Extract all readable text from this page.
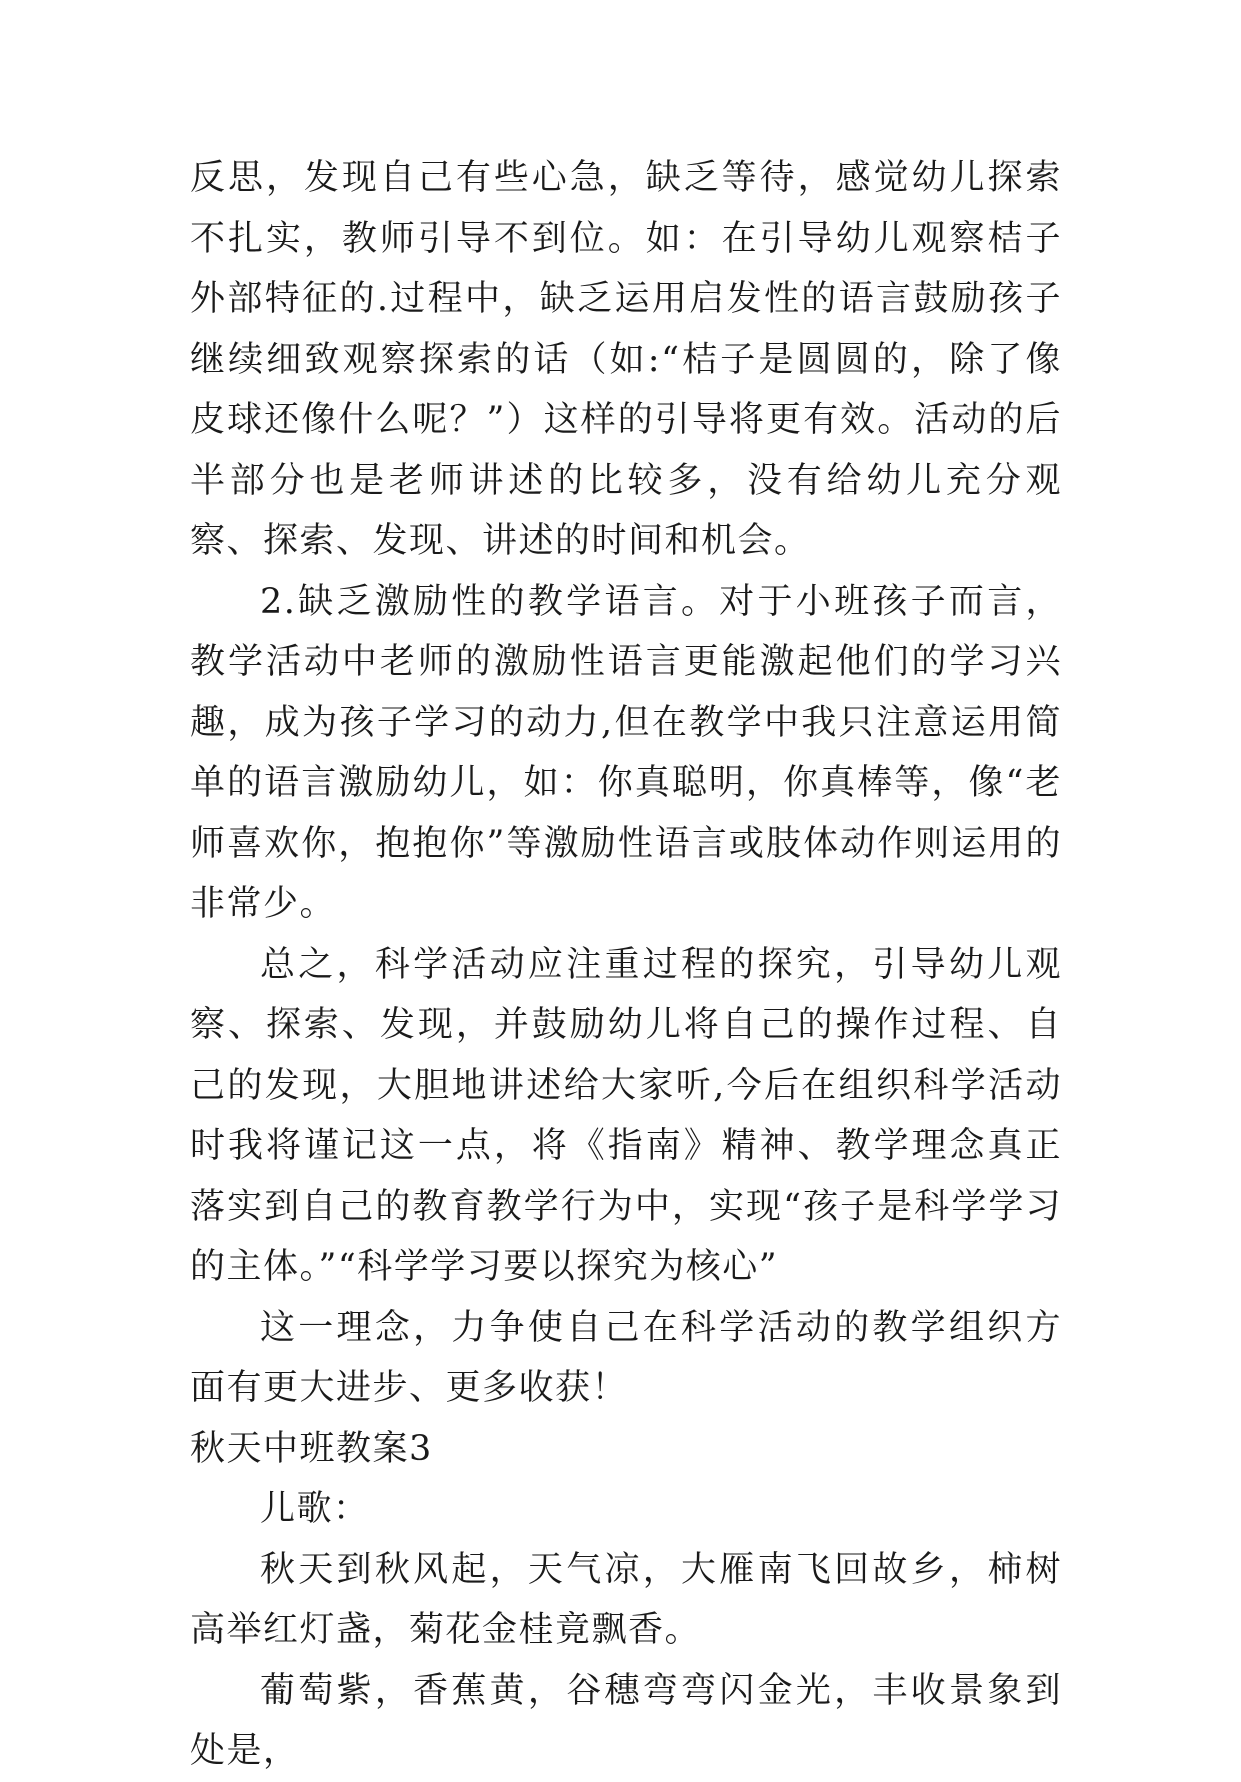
反思，发现自己有些心急，缺乏等待，感觉幼儿探索不扎实，教师引导不到位。如：在引导幼儿观察桔子外部特征的.过程中，缺乏运用启发性的语言鼓励孩子继续细致观察探索的话（如:“桔子是圆圆的，除了像皮球还像什么呢？”）这样的引导将更有效。活动的后半部分也是老师讲述的比较多，没有给幼儿充分观察、探索、发现、讲述的时间和机会。

2.缺乏激励性的教学语言。对于小班孩子而言，教学活动中老师的激励性语言更能激起他们的学习兴趣，成为孩子学习的动力,但在教学中我只注意运用简单的语言激励幼儿，如：你真聪明，你真棒等，像“老师喜欢你，抱抱你”等激励性语言或肢体动作则运用的非常少。

总之，科学活动应注重过程的探究，引导幼儿观察、探索、发现，并鼓励幼儿将自己的操作过程、自己的发现，大胆地讲述给大家听,今后在组织科学活动时我将谨记这一点，将《指南》精神、教学理念真正落实到自己的教育教学行为中，实现“孩子是科学学习的主体。”“科学学习要以探究为核心”

这一理念，力争使自己在科学活动的教学组织方面有更大进步、更多收获！

秋天中班教案3

儿歌：

秋天到秋风起，天气凉，大雁南飞回故乡，柿树高举红灯盏，菊花金桂竟飘香。

葡萄紫，香蕉黄，谷穗弯弯闪金光，丰收景象到处是，
